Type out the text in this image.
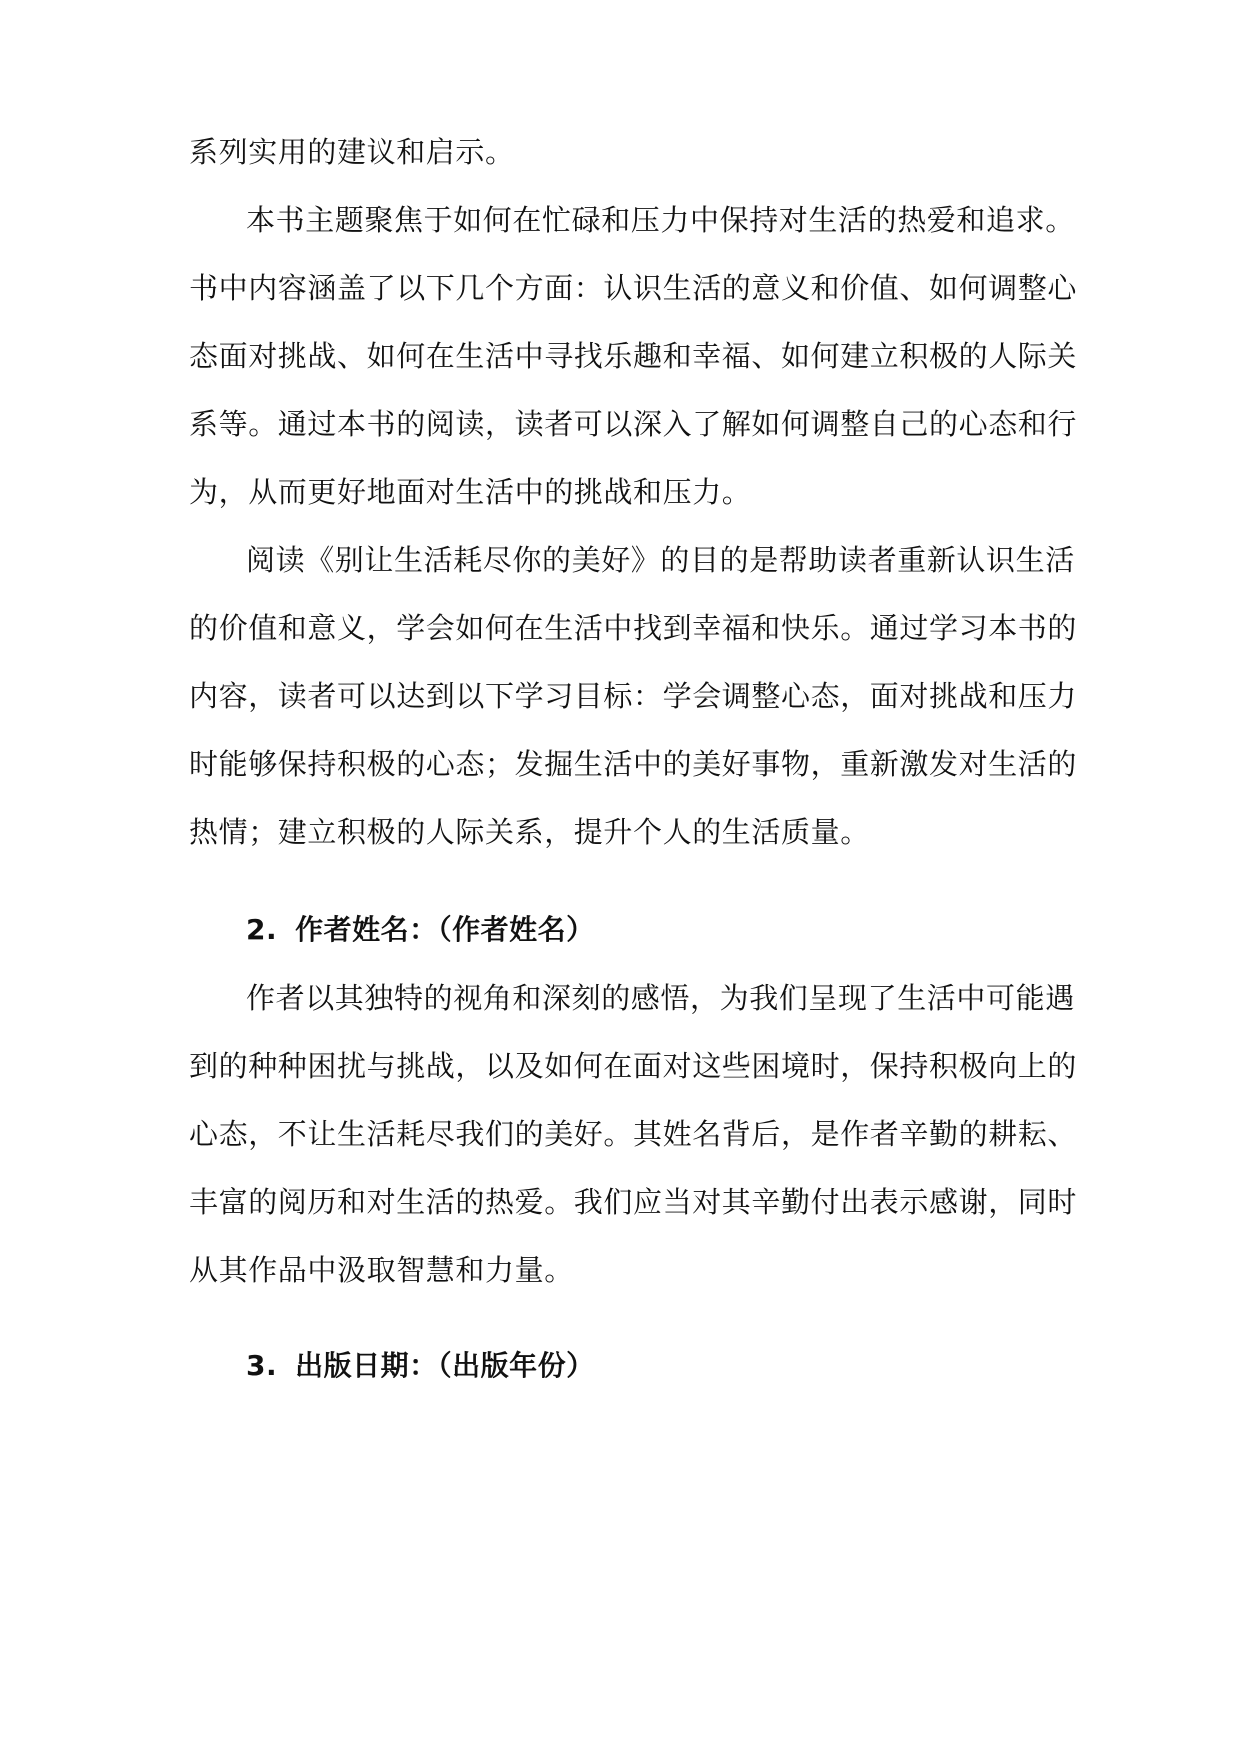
系列实用的建议和启示。
本书主题聚焦于如何在忙碌和压力中保持对生活的热爱和追求。
书中内容涵盖了以下几个方面：认识生活的意义和价值、如何调整心
态面对挑战、如何在生活中寻找乐趣和幸福、如何建立积极的人际关
系等。通过本书的阅读，读者可以深入了解如何调整自己的心态和行
为，从而更好地面对生活中的挑战和压力。
阅读《别让生活耗尽你的美好》的目的是帮助读者重新认识生活
的价值和意义，学会如何在生活中找到幸福和快乐。通过学习本书的
内容，读者可以达到以下学习目标：学会调整心态，面对挑战和压力
时能够保持积极的心态；发掘生活中的美好事物，重新激发对生活的
热情；建立积极的人际关系，提升个人的生活质量。
2. 作者姓名：（作者姓名）
作者以其独特的视角和深刻的感悟，为我们呈现了生活中可能遇
到的种种困扰与挑战，以及如何在面对这些困境时，保持积极向上的
心态，不让生活耗尽我们的美好。其姓名背后，是作者辛勤的耕耘、
丰富的阅历和对生活的热爱。我们应当对其辛勤付出表示感谢，同时
从其作品中汲取智慧和力量。
3. 出版日期：（出版年份）
